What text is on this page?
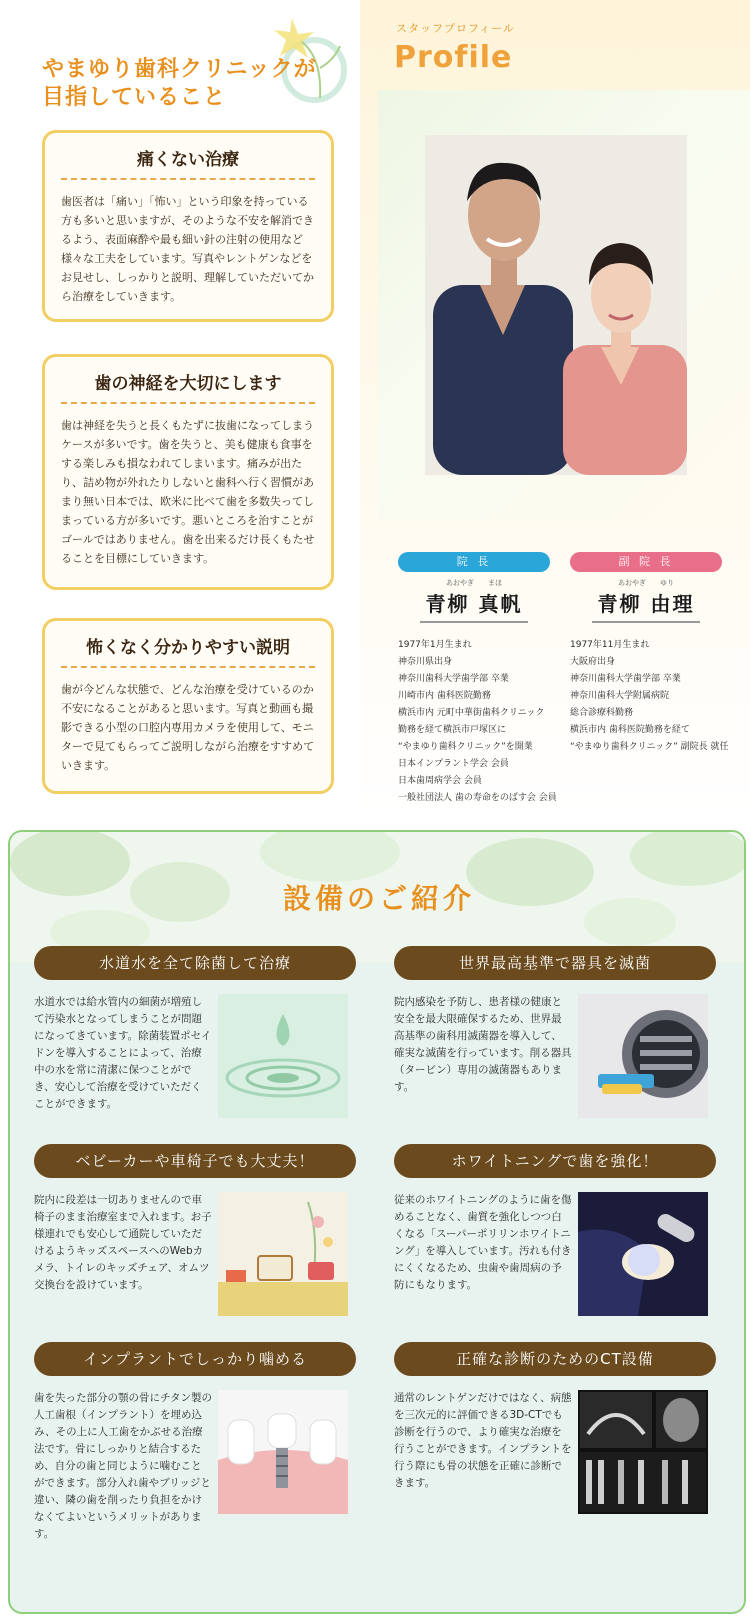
やまゆり歯科クリニックが
目指していること
痛くない治療
歯医者は「痛い」「怖い」という印象を持っている方も多いと思いますが、そのような不安を解消できるよう、表面麻酔や最も細い針の注射の使用など様々な工夫をしています。写真やレントゲンなどをお見せし、しっかりと説明、理解していただいてから治療をしていきます。
歯の神経を大切にします
歯は神経を失うと長くもたずに抜歯になってしまうケースが多いです。歯を失うと、美も健康も食事をする楽しみも損なわれてしまいます。痛みが出たり、詰め物が外れたりしないと歯科へ行く習慣があまり無い日本では、欧米に比べて歯を多数失ってしまっている方が多いです。悪いところを治すことがゴールではありません。歯を出来るだけ長くもたせることを目標にしていきます。
怖くなく分かりやすい説明
歯が今どんな状態で、どんな治療を受けているのか不安になることがあると思います。写真と動画も撮影できる小型の口腔内専用カメラを使用して、モニターで見てもらってご説明しながら治療をすすめていきます。
スタッフプロフィール
Profile
院 長
あおやぎ まほ
青柳 真帆
1977年1月生まれ
神奈川県出身
神奈川歯科大学歯学部 卒業
川崎市内 歯科医院勤務
横浜市内 元町中華街歯科クリニック
勤務を経て横浜市戸塚区に
“やまゆり歯科クリニック”を開業
日本インプラント学会 会員
日本歯周病学会 会員
一般社団法人 歯の寿命をのばす会 会員
副 院 長
あおやぎ ゆり
青柳 由理
1977年11月生まれ
大阪府出身
神奈川歯科大学歯学部 卒業
神奈川歯科大学附属病院
総合診療科勤務
横浜市内 歯科医院勤務を経て
“やまゆり歯科クリニック” 副院長 就任
設備のご紹介
水道水を全て除菌して治療
水道水では給水管内の細菌が増殖して汚染水となってしまうことが問題になってきています。除菌装置ポセイドンを導入することによって、治療中の水を常に清潔に保つことができ、安心して治療を受けていただくことができます。
世界最高基準で器具を滅菌
院内感染を予防し、患者様の健康と安全を最大限確保するため、世界最高基準の歯科用滅菌器を導入して、確実な滅菌を行っています。削る器具（タービン）専用の滅菌器もあります。
ベビーカーや車椅子でも大丈夫！
院内に段差は一切ありませんので車椅子のまま治療室まで入れます。お子様連れでも安心して通院していただけるようキッズスペースへのWebカメラ、トイレのキッズチェア、オムツ交換台を設けています。
ホワイトニングで歯を強化！
従来のホワイトニングのように歯を傷めることなく、歯質を強化しつつ白くなる「スーパーポリリンホワイトニング」を導入しています。汚れも付きにくくなるため、虫歯や歯周病の予防にもなります。
インプラントでしっかり噛める
歯を失った部分の顎の骨にチタン製の人工歯根（インプラント）を埋め込み、その上に人工歯をかぶせる治療法です。骨にしっかりと結合するため、自分の歯と同じように噛むことができます。部分入れ歯やブリッジと違い、隣の歯を削ったり負担をかけなくてよいというメリットがあります。
正確な診断のためのCT設備
通常のレントゲンだけではなく、病態を三次元的に評価できる3D-CTでも診断を行うので、より確実な治療を行うことができます。インプラントを行う際にも骨の状態を正確に診断できます。
